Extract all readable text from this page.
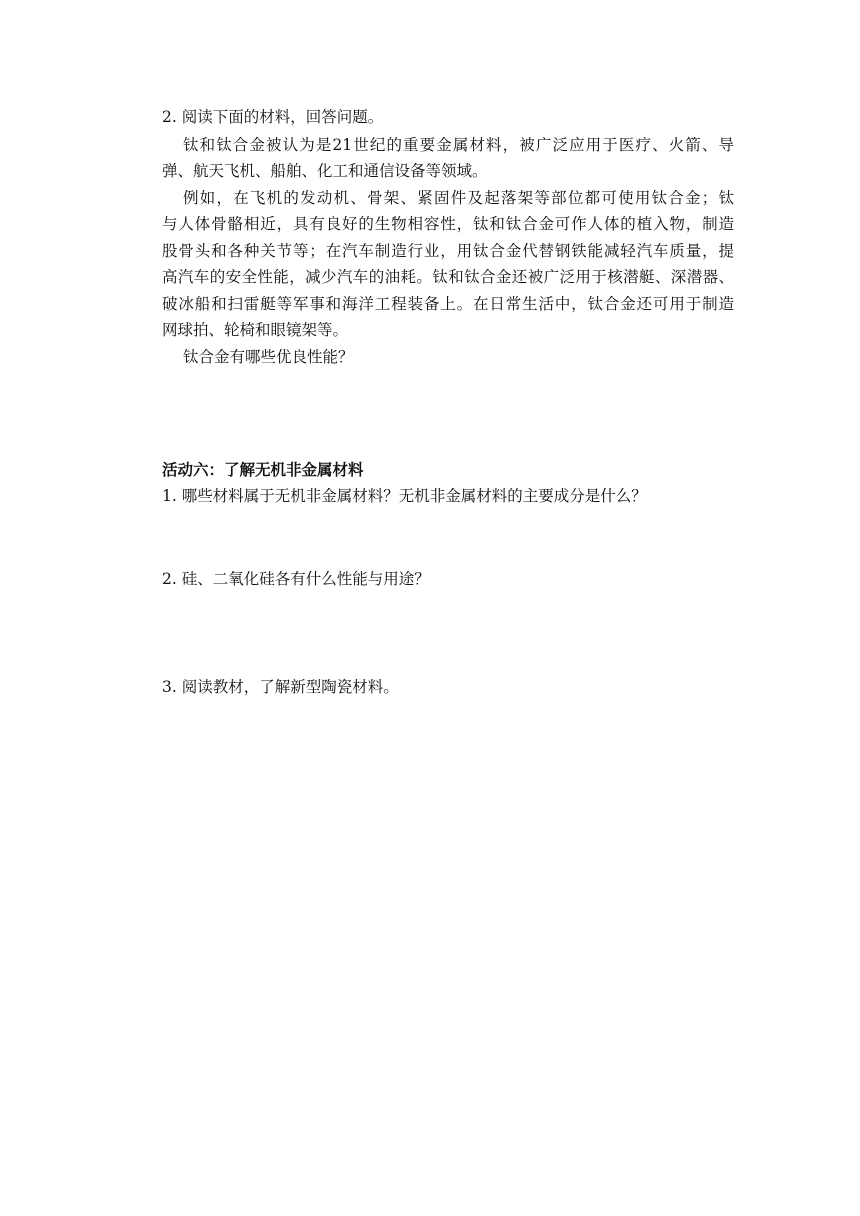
2. 阅读下面的材料，回答问题。
钛和钛合金被认为是21世纪的重要金属材料，被广泛应用于医疗、火箭、导
弹、航天飞机、船舶、化工和通信设备等领域。
例如，在飞机的发动机、骨架、紧固件及起落架等部位都可使用钛合金；钛
与人体骨骼相近，具有良好的生物相容性，钛和钛合金可作人体的植入物，制造
股骨头和各种关节等；在汽车制造行业，用钛合金代替钢铁能减轻汽车质量，提
高汽车的安全性能，减少汽车的油耗。钛和钛合金还被广泛用于核潜艇、深潜器、
破冰船和扫雷艇等军事和海洋工程装备上。在日常生活中，钛合金还可用于制造
网球拍、轮椅和眼镜架等。
钛合金有哪些优良性能？
活动六：了解无机非金属材料
1. 哪些材料属于无机非金属材料？无机非金属材料的主要成分是什么？
2. 硅、二氧化硅各有什么性能与用途？
3. 阅读教材，了解新型陶瓷材料。
